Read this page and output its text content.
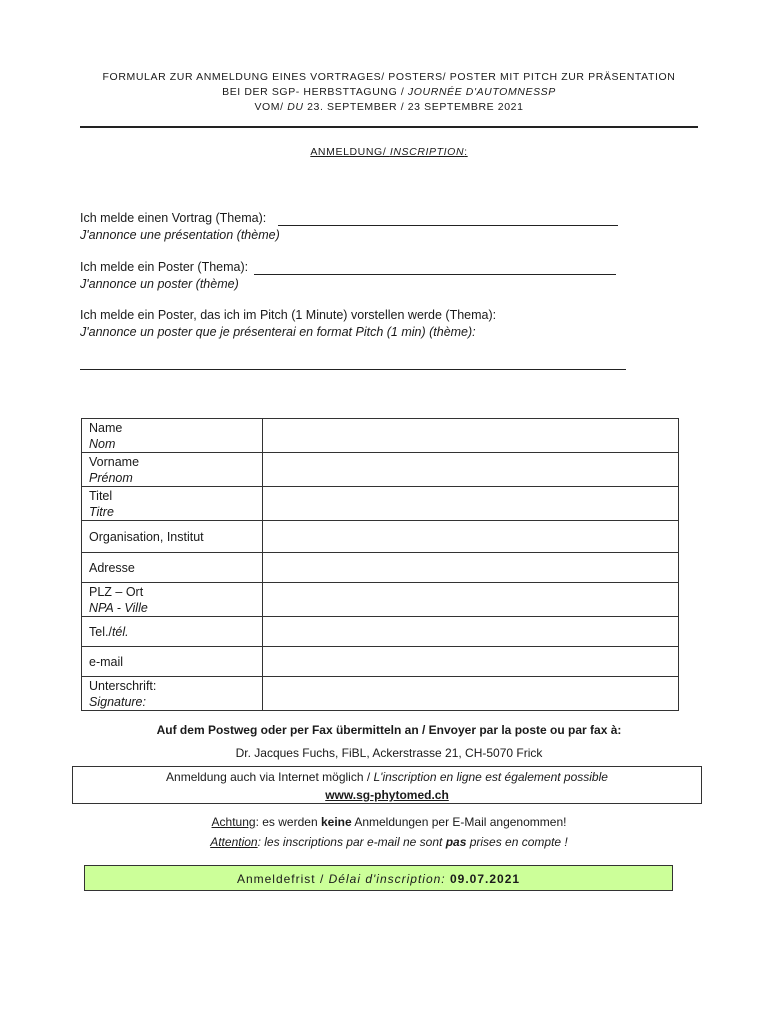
FORMULAR ZUR ANMELDUNG EINES VORTRAGES/ POSTERS/ POSTER MIT PITCH ZUR PRÄSENTATION
BEI DER SGP- HERBSTTAGUNG / JOURNÉE D'AUTOMNESSP
VOM/ DU 23. SEPTEMBER / 23 SEPTEMBRE 2021
ANMELDUNG/ INSCRIPTION:
Ich melde einen Vortrag (Thema):
J'annonce une présentation (thème)
Ich melde ein Poster (Thema):
J'annonce un poster (thème)
Ich melde ein Poster, das ich im Pitch (1 Minute) vorstellen werde (Thema):
J'annonce un poster que je présenterai en format Pitch (1 min) (thème):
Name
Nom	

Vorname
Prénom	

Titel
Titre	

Organisation, Institut	

Adresse	

PLZ – Ort
NPA - Ville	

Tel./tél.	

e-mail	

Unterschrift:
Signature:	

Auf dem Postweg oder per Fax übermitteln an / Envoyer par la poste ou par fax à:
Dr. Jacques Fuchs, FiBL, Ackerstrasse 21, CH-5070 Frick
Anmeldung auch via Internet möglich / L'inscription en ligne est également possible
www.sg-phytomed.ch
Achtung: es werden keine Anmeldungen per E-Mail angenommen!
Attention: les inscriptions par e-mail ne sont pas prises en compte !
Anmeldefrist / Délai d'inscription: 09.07.2021
